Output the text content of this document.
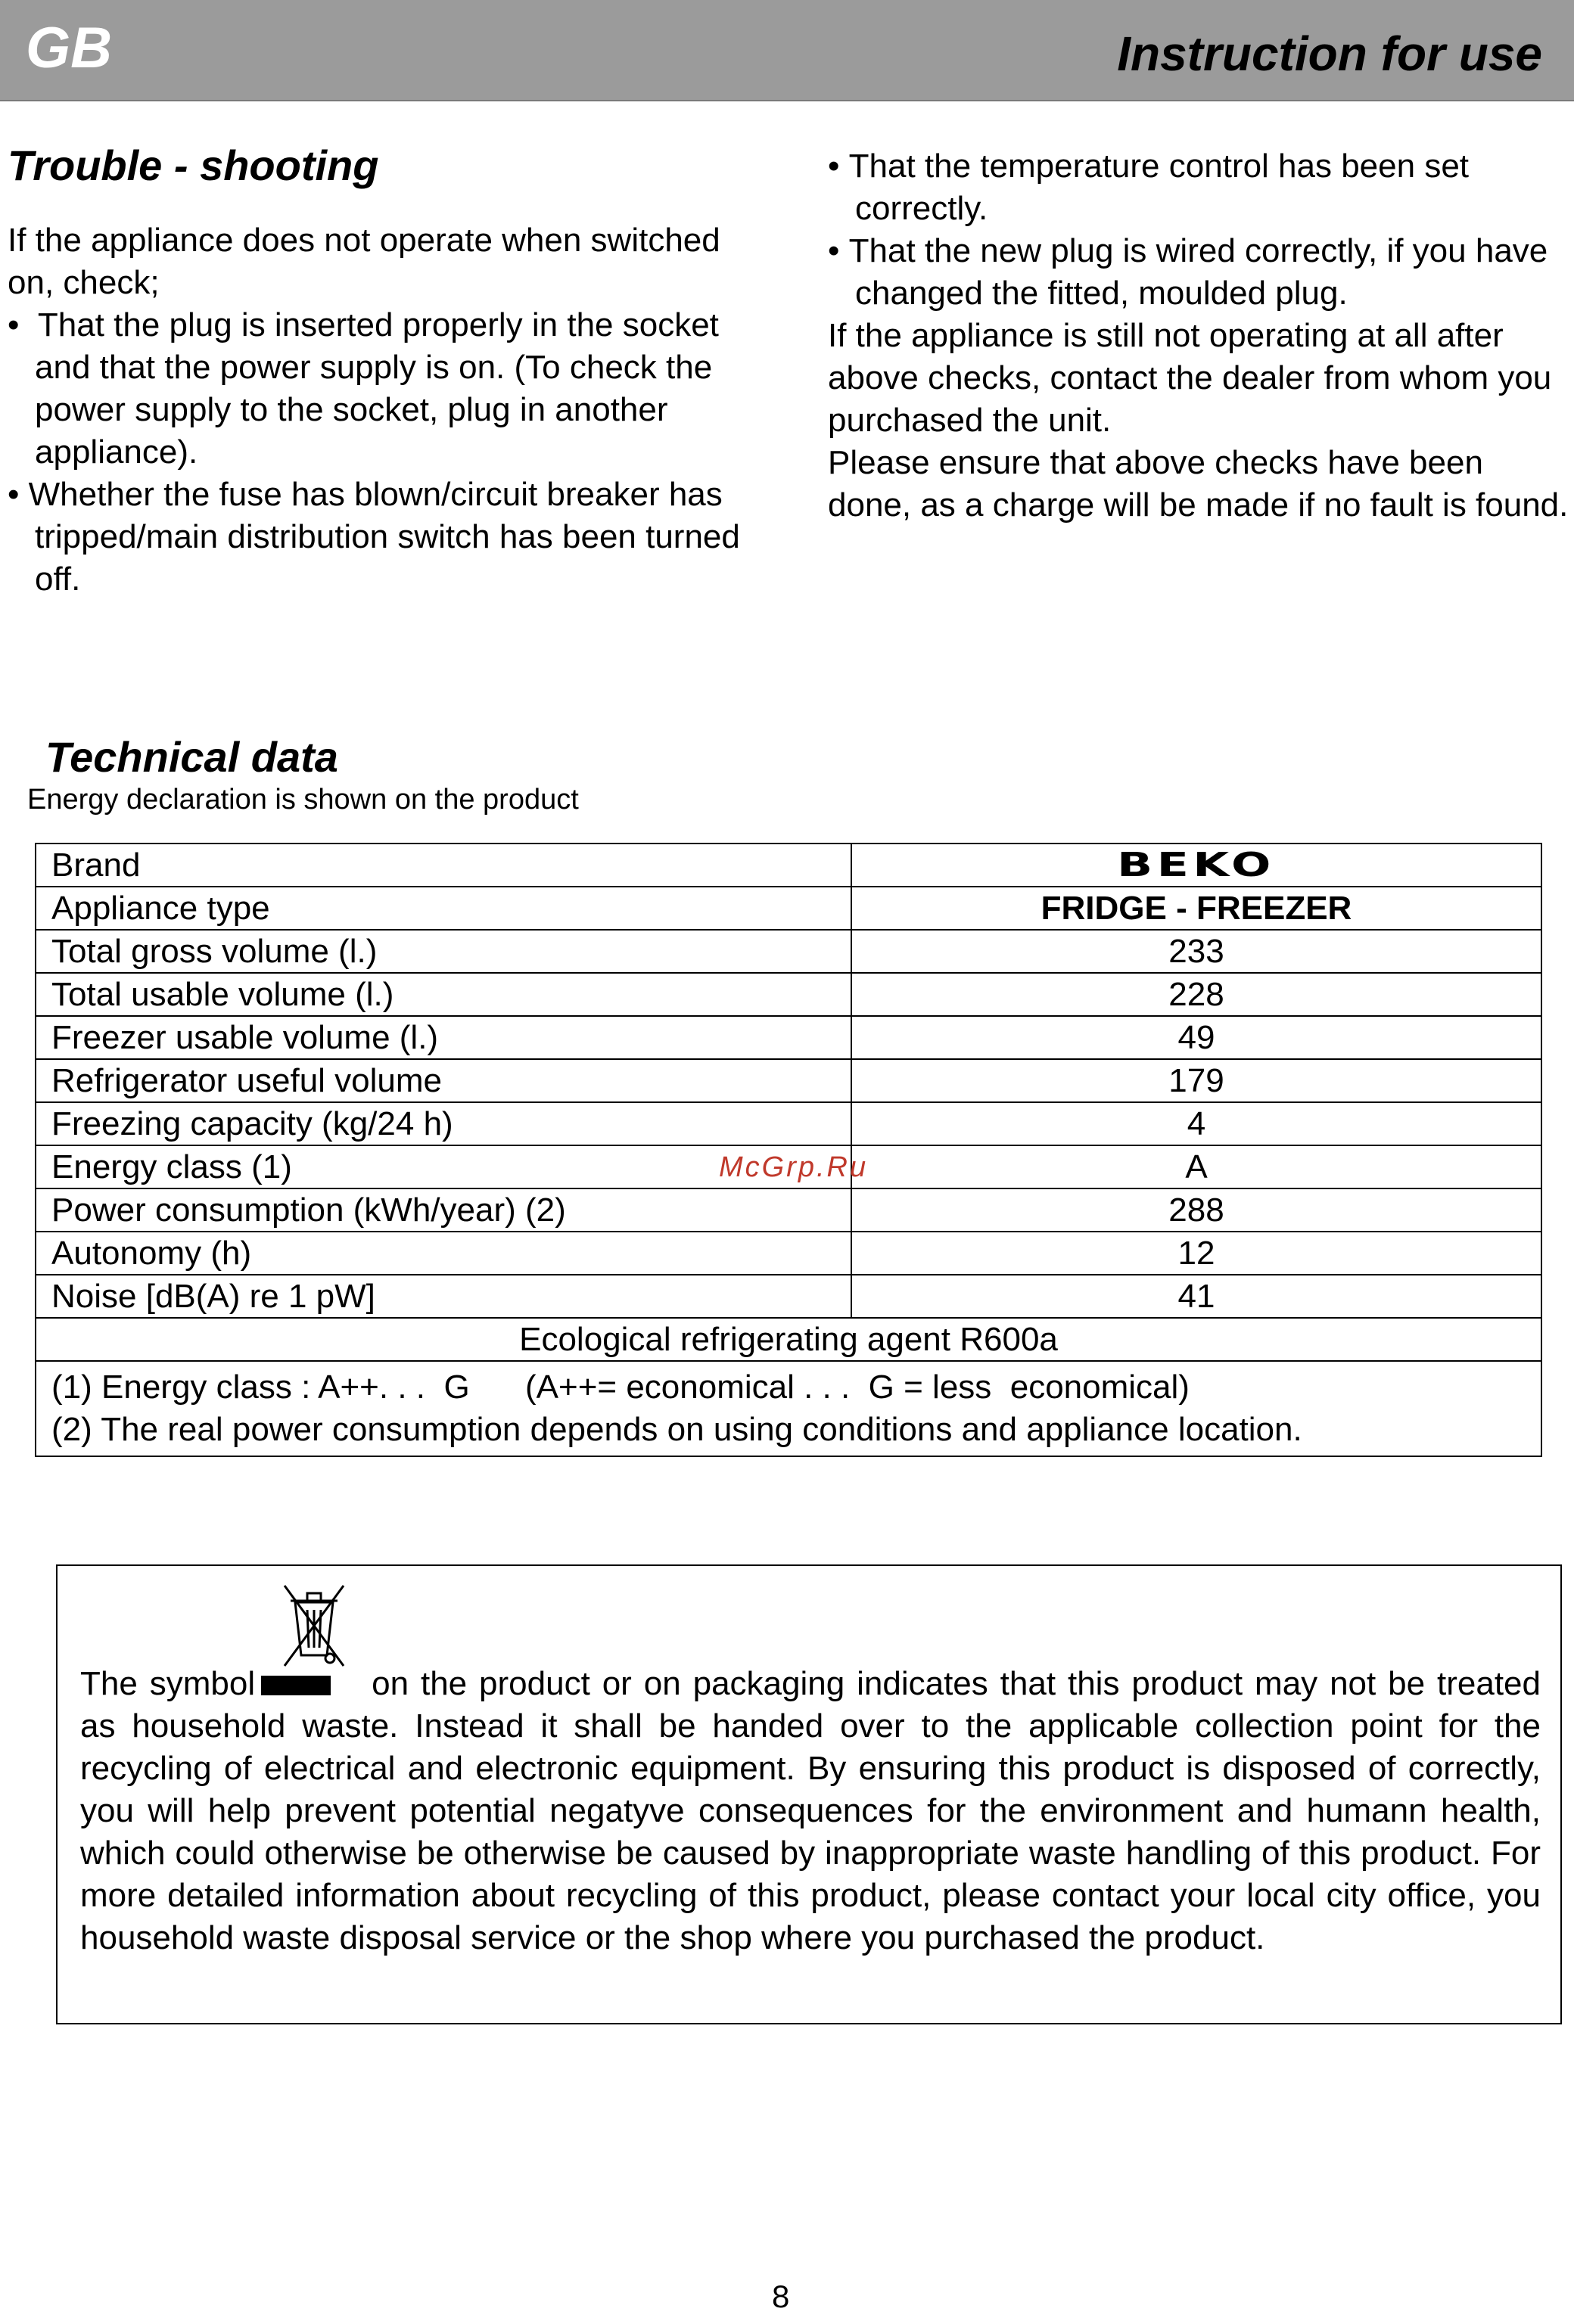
GB	Instruction for use
Trouble - shooting

If the appliance does not operate when switched on, check;

•  That the plug is inserted properly in the socket and that the power supply is on. (To check the power supply to the socket, plug in another appliance).

• Whether the fuse has blown/circuit breaker has tripped/main distribution switch has been turned off.

• That the temperature control has been set correctly.

• That the new plug is wired correctly, if you have changed the fitted, moulded plug.

If the appliance is still not operating at all after above checks, contact the dealer from whom you purchased the unit.

Please ensure that above checks have been done, as a charge will be made if no fault is found.

Technical data
Energy declaration is shown on the product
Brand	BEKO
Appliance type	FRIDGE - FREEZER
Total gross volume (l.)	233
Total usable volume (l.)	228
Freezer usable volume (l.)	49
Refrigerator useful volume	179
Freezing capacity (kg/24 h)	4
Energy class (1)	A
Power consumption (kWh/year) (2)	288
Autonomy (h)	12
Noise [dB(A) re 1 pW]	41
Ecological refrigerating agent R600a	

(1) Energy class : A++. . .  G      (A++= economical . . .  G = less  economical)
(2) The real power consumption depends on using conditions and appliance location.	
McGrp.Ru

The symbol	on the product or on packaging indicates that this product may not be treated as household waste. Instead it shall be handed over to the applicable collection point for the recycling of electrical and electronic equipment. By ensuring this product is disposed of correctly, you will help prevent potential negatyve consequences for the environment and humann health, which could otherwise be otherwise be caused by inappropriate waste handling of this product. For more detailed information about recycling of this product, please contact your local city office, you household waste disposal service or the shop where you purchased the product.

8
